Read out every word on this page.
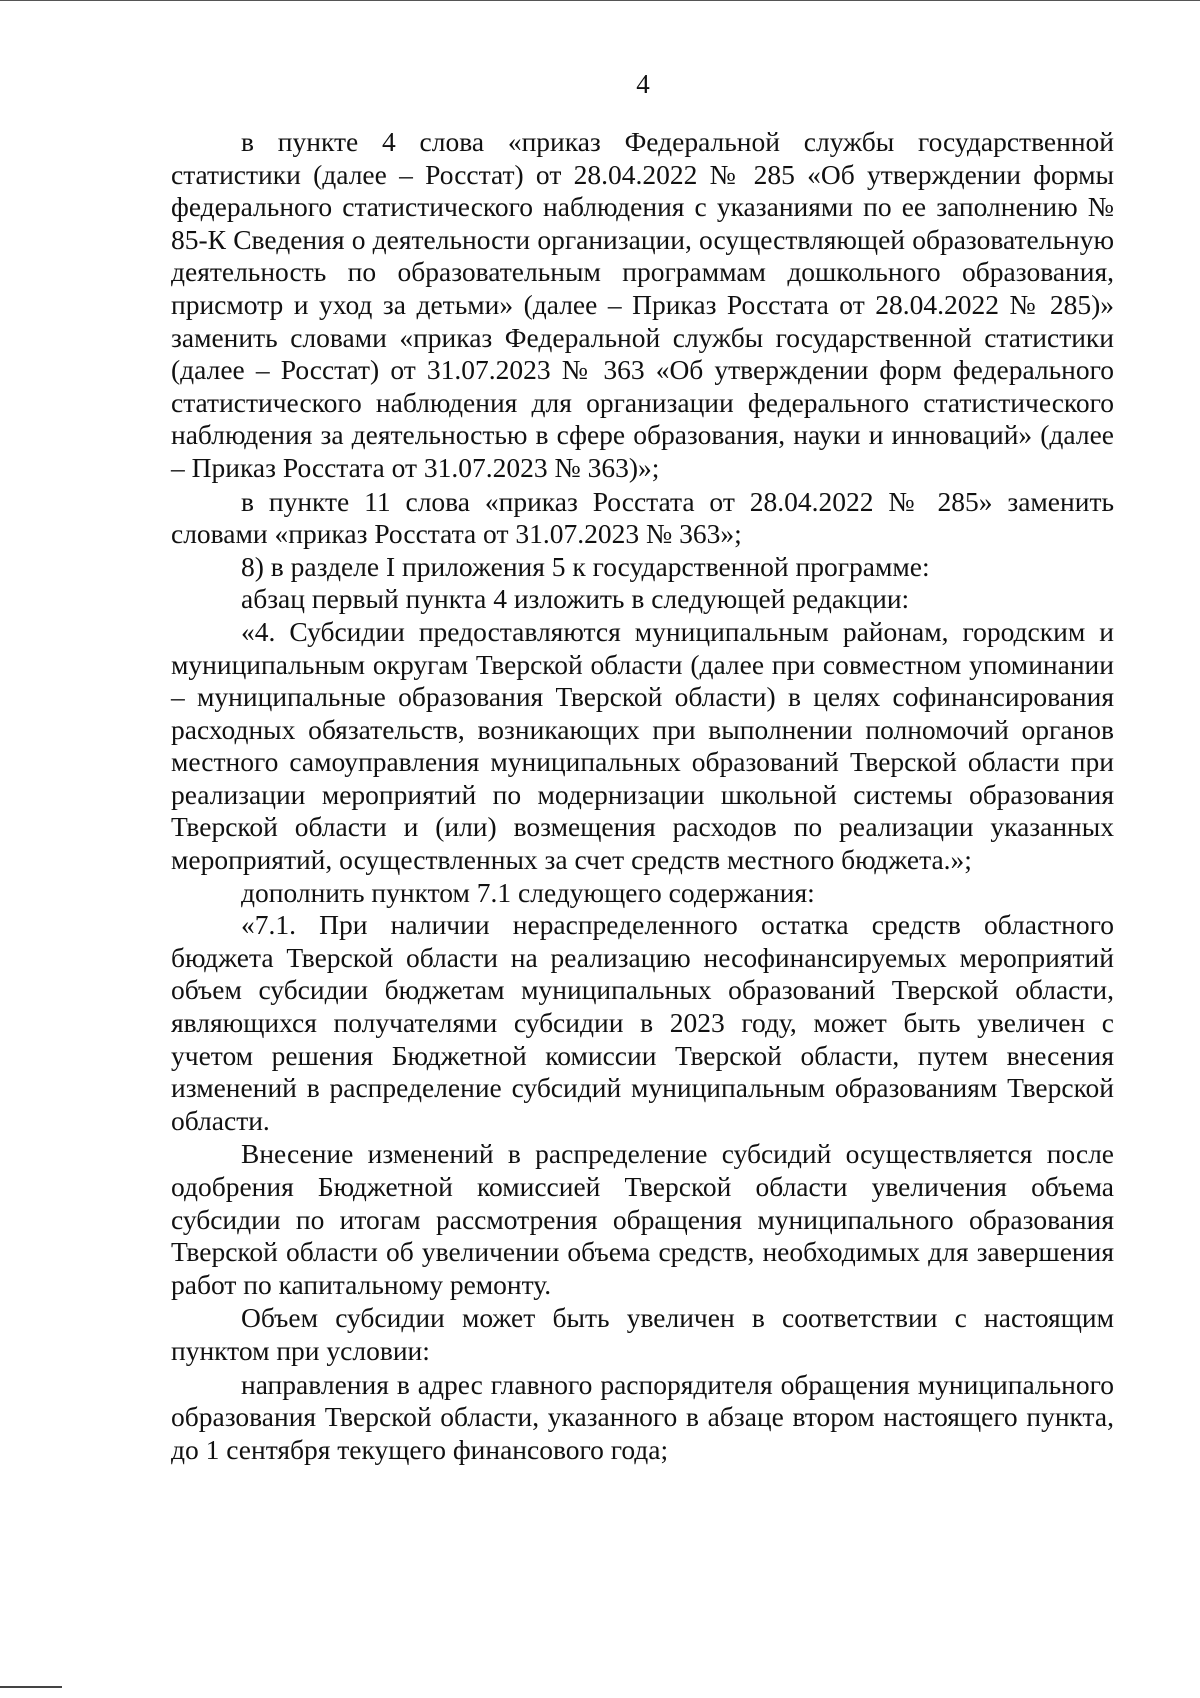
4

в пункте 4 слова «приказ Федеральной службы государственной статистики (далее – Росстат) от 28.04.2022 № 285 «Об утверждении формы федерального статистического наблюдения с указаниями по ее заполнению № 85-К Сведения о деятельности организации, осуществляющей образовательную деятельность по образовательным программам дошкольного образования, присмотр и уход за детьми» (далее – Приказ Росстата от 28.04.2022 № 285)» заменить словами «приказ Федеральной службы государственной статистики (далее – Росстат) от 31.07.2023 № 363 «Об утверждении форм федерального статистического наблюдения для организации федерального статистического наблюдения за деятельностью в сфере образования, науки и инноваций» (далее – Приказ Росстата от 31.07.2023 № 363)»;

в пункте 11 слова «приказ Росстата от 28.04.2022 № 285» заменить словами «приказ Росстата от 31.07.2023 № 363»;

8) в разделе I приложения 5 к государственной программе:

абзац первый пункта 4 изложить в следующей редакции:

«4. Субсидии предоставляются муниципальным районам, городским и муниципальным округам Тверской области (далее при совместном упоминании – муниципальные образования Тверской области) в целях софинансирования расходных обязательств, возникающих при выполнении полномочий органов местного самоуправления муниципальных образований Тверской области при реализации мероприятий по модернизации школьной системы образования Тверской области и (или) возмещения расходов по реализации указанных мероприятий, осуществленных за счет средств местного бюджета.»;

дополнить пунктом 7.1 следующего содержания:

«7.1. При наличии нераспределенного остатка средств областного бюджета Тверской области на реализацию несофинансируемых мероприятий объем субсидии бюджетам муниципальных образований Тверской области, являющихся получателями субсидии в 2023 году, может быть увеличен с учетом решения Бюджетной комиссии Тверской области, путем внесения изменений в распределение субсидий муниципальным образованиям Тверской области.

Внесение изменений в распределение субсидий осуществляется после одобрения Бюджетной комиссией Тверской области увеличения объема субсидии по итогам рассмотрения обращения муниципального образования Тверской области об увеличении объема средств, необходимых для завершения работ по капитальному ремонту.

Объем субсидии может быть увеличен в соответствии с настоящим пунктом при условии:

направления в адрес главного распорядителя обращения муниципального образования Тверской области, указанного в абзаце втором настоящего пункта, до 1 сентября текущего финансового года;
